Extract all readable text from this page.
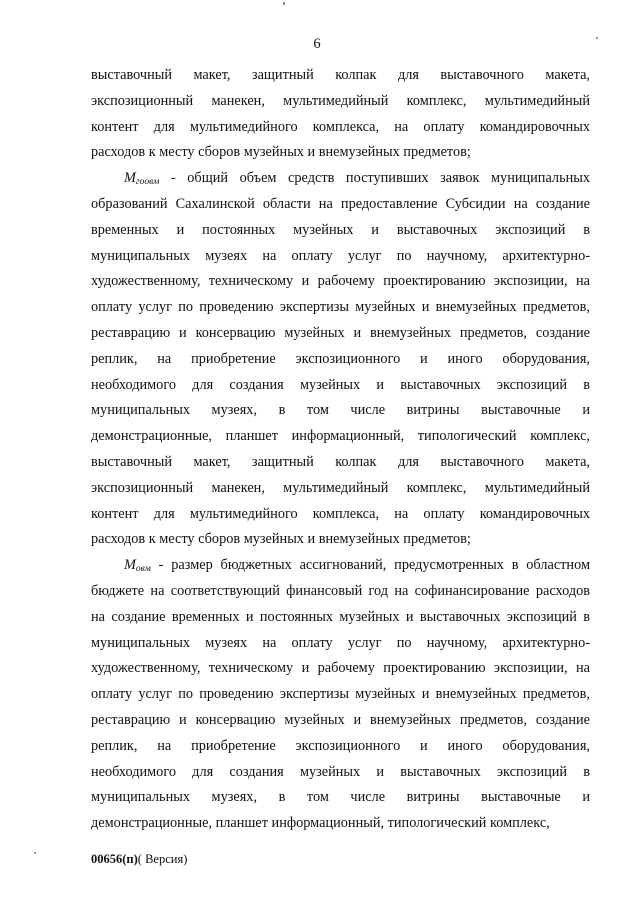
6
выставочный макет, защитный колпак для выставочного макета,
экспозиционный манекен, мультимедийный комплекс, мультимедийный
контент для мультимедийного комплекса, на оплату командировочных
расходов к месту сборов музейных и внемузейных предметов;
$M_{гоовм}$ - общий объем средств поступивших заявок муниципальных
образований Сахалинской области на предоставление Субсидии на создание
временных и постоянных музейных и выставочных экспозиций в
муниципальных музеях на оплату услуг по научному, архитектурно-
художественному, техническому и рабочему проектированию экспозиции, на
оплату услуг по проведению экспертизы музейных и внемузейных предметов,
реставрацию и консервацию музейных и внемузейных предметов, создание
реплик, на приобретение экспозиционного и иного оборудования,
необходимого для создания музейных и выставочных экспозиций в
муниципальных музеях, в том числе витрины выставочные и
демонстрационные, планшет информационный, типологический комплекс,
выставочный макет, защитный колпак для выставочного макета,
экспозиционный манекен, мультимедийный комплекс, мультимедийный
контент для мультимедийного комплекса, на оплату командировочных
расходов к месту сборов музейных и внемузейных предметов;
$M_{овм}$ - размер бюджетных ассигнований, предусмотренных в областном
бюджете на соответствующий финансовый год на софинансирование расходов
на создание временных и постоянных музейных и выставочных экспозиций в
муниципальных музеях на оплату услуг по научному, архитектурно-
художественному, техническому и рабочему проектированию экспозиции, на
оплату услуг по проведению экспертизы музейных и внемузейных предметов,
реставрацию и консервацию музейных и внемузейных предметов, создание
реплик, на приобретение экспозиционного и иного оборудования,
необходимого для создания музейных и выставочных экспозиций в
муниципальных музеях, в том числе витрины выставочные и
демонстрационные, планшет информационный, типологический комплекс,
00656(п)( Версия)
